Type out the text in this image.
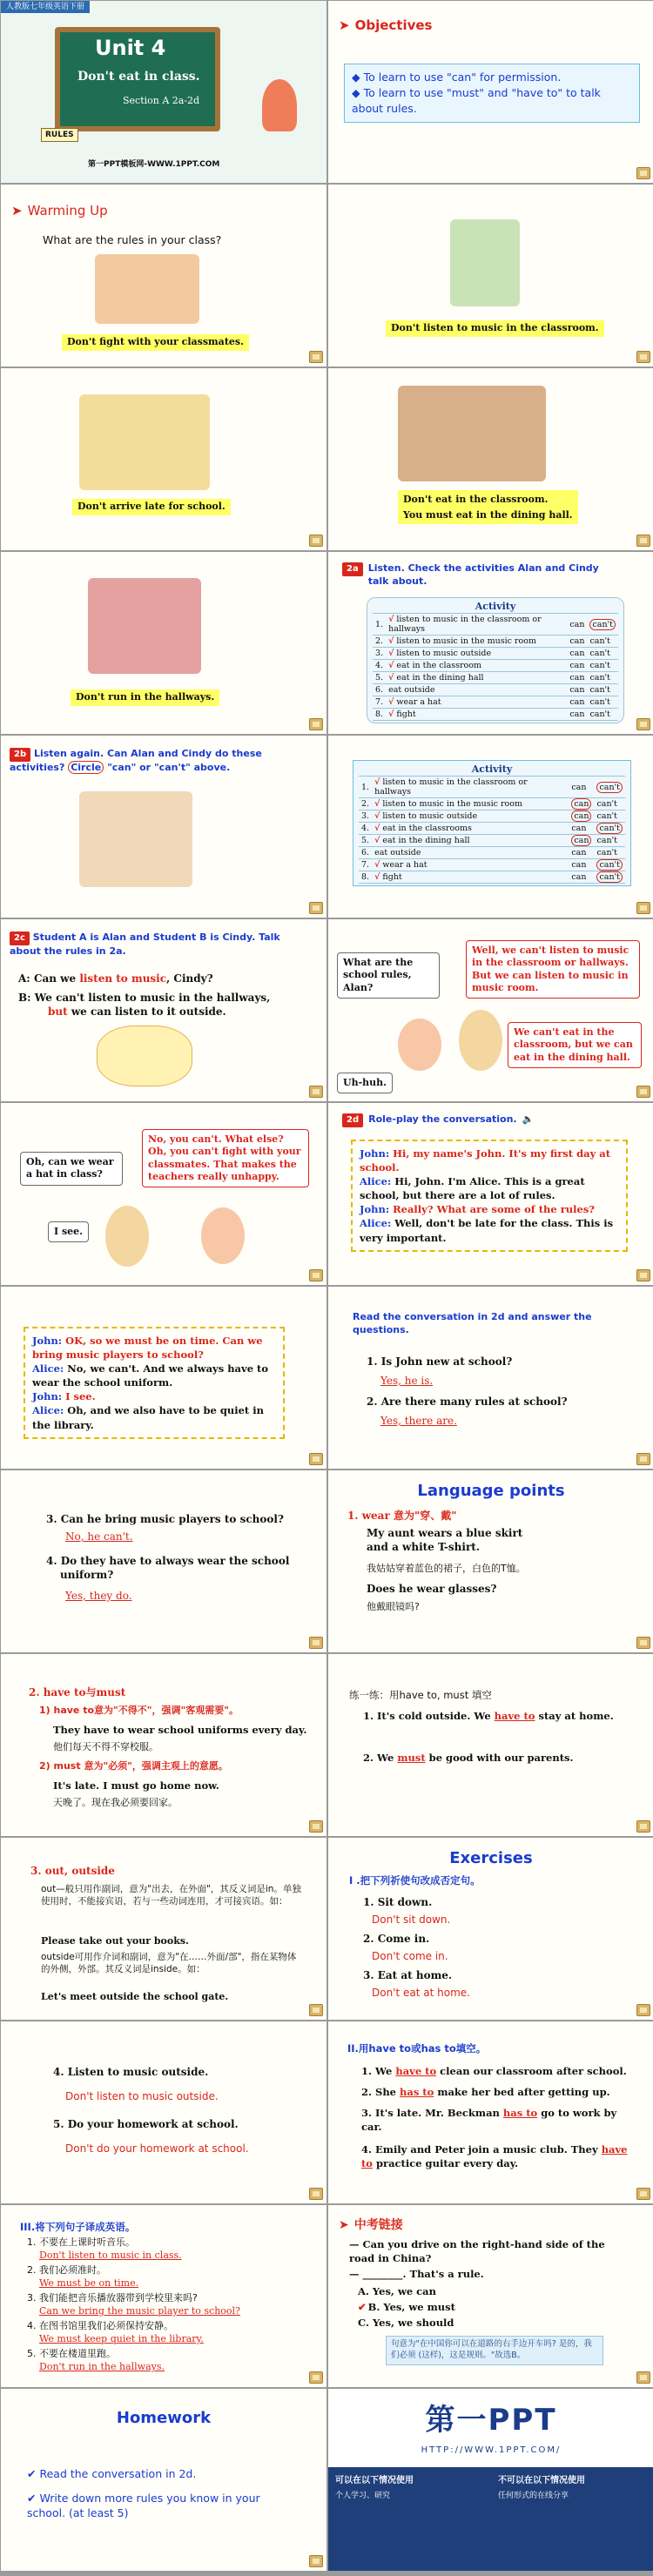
人教版七年级英语下册
Unit 4
Don't eat in class.
Section A 2a-2d
RULES
第一PPT模板网-WWW.1PPT.COM
➤ Objectives
◆ To learn to use "can" for permission.
◆ To learn to use "must" and "have to" to talk about rules.
➤ Warming Up
What are the rules in your class?
Don't fight with your classmates.
Don't listen to music in the classroom.
Don't arrive late for school.
Don't eat in the classroom.
You must eat in the dining hall.
Don't run in the hallways.
2a	Listen. Check the activities Alan and Cindy talk about.
Activity			
1.	√ listen to music in the classroom or hallways	can	can't
2.	√ listen to music in the music room	can	can't
3.	√ listen to music outside	can	can't
4.	√ eat in the classroom	can	can't
5.	√ eat in the dining hall	can	can't
6.	eat outside	can	can't
7.	√ wear a hat	can	can't
8.	√ fight	can	can't
2b Listen again. Can Alan and Cindy do these
activities? Circle "can" or "can't" above.	Activity			
1.	√ listen to music in the classroom or hallways	can	can't
2.	√ listen to music in the music room	can	can't
3.	√ listen to music outside	can	can't
4.	√ eat in the classrooms	can	can't
5.	√ eat in the dining hall	can	can't
6.	eat outside	can	can't
7.	√ wear a hat	can	can't
8.	√ fight	can	can't
2c Student A is Alan and Student B is Cindy. Talk about the rules in 2a.
A: Can we listen to music, Cindy?
B: We can't listen to music in the hallways,
but we can listen to it outside.
What are the school rules, Alan?
Well, we can't listen to music in the classroom or hallways. But we can listen to music in music room.
We can't eat in the classroom, but we can eat in the dining hall.
Uh-huh.
Oh, can we wear a hat in class?
No, you can't. What else? Oh, you can't fight with your classmates. That makes the teachers really unhappy.
I see.
2d	Role-play the conversation. 🔈
John: Hi, my name's John. It's my first day at school.
Alice: Hi, John. I'm Alice. This is a great school, but there are a lot of rules.
John: Really? What are some of the rules?
Alice: Well, don't be late for the class. This is very important.
John: OK, so we must be on time. Can we bring music players to school?
Alice: No, we can't. And we always have to wear the school uniform.
John: I see.
Alice: Oh, and we also have to be quiet in the library.
Read the conversation in 2d and answer the questions.
1. Is John new at school?
Yes, he is.
2. Are there many rules at school?
Yes, there are.
3. Can he bring music players to school?
No, he can't.
4. Do they have to always wear the school
uniform?
Yes, they do.
Language points
1. wear 意为"穿、戴"
My aunt wears a blue skirt and a white T-shirt.
我姑姑穿着蓝色的裙子，白色的T恤。
Does he wear glasses?
他戴眼镜吗?
2. have to与must
1) have to意为"不得不"，强调"客观需要"。
They have to wear school uniforms every day.
他们每天不得不穿校服。
2) must 意为"必须"，强调主观上的意愿。
It's late. I must go home now.
天晚了。现在我必须要回家。
练一练：用have to, must 填空
1. It's cold outside. We have to stay at home.
2. We must be good with our parents.
3. out, outside
out—般只用作副词，意为"出去，在外面"，其反义词是in。单独使用时，不能接宾语，若与一些动词连用，才可接宾语。如：
Please take out your books.
outside可用作介词和副词，意为"在……外面/部"，指在某物体的外侧，外部。其反义词是inside。如：
Let's meet outside the school gate.
Exercises
I .把下列祈使句改成否定句。
1. Sit down.
Don't sit down.
2. Come in.
Don't come in.
3. Eat at home.
Don't eat at home.
4. Listen to music outside.
Don't listen to music outside.
5. Do your homework at school.
Don't do your homework at school.
II.用have to或has to填空。
1. We have to clean our classroom after school.
2. She has to make her bed after getting up.
3. It's late. Mr. Beckman has to go to work by car.
4. Emily and Peter join a music club. They have to practice guitar every day.
III.将下列句子译成英语。
1. 不要在上课时听音乐。
Don't listen to music in class.
2. 我们必须准时。
We must be on time.
3. 我们能把音乐播放器带到学校里来吗?
Can we bring the music player to school?
4. 在图书馆里我们必须保持安静。
We must keep quiet in the library.
5. 不要在楼道里跑。
Don't run in the hallways.
➤ 中考链接
— Can you drive on the right-hand side of the road in China?
— ________. That's a rule.
A. Yes, we can
✔ B. Yes, we must
C. Yes, we should
句意为"在中国你可以在道路的右手边开车吗? 是的，我们必须 (这样)，这是规则。"故选B。
Homework
✔ Read the conversation in 2d.
✔ Write down more rules you know in your school. (at least 5)
第一PPT
HTTP://WWW.1PPT.COM/
可以在以下情况使用
个人学习、研究
不可以在以下情况使用
任何形式的在线分享
